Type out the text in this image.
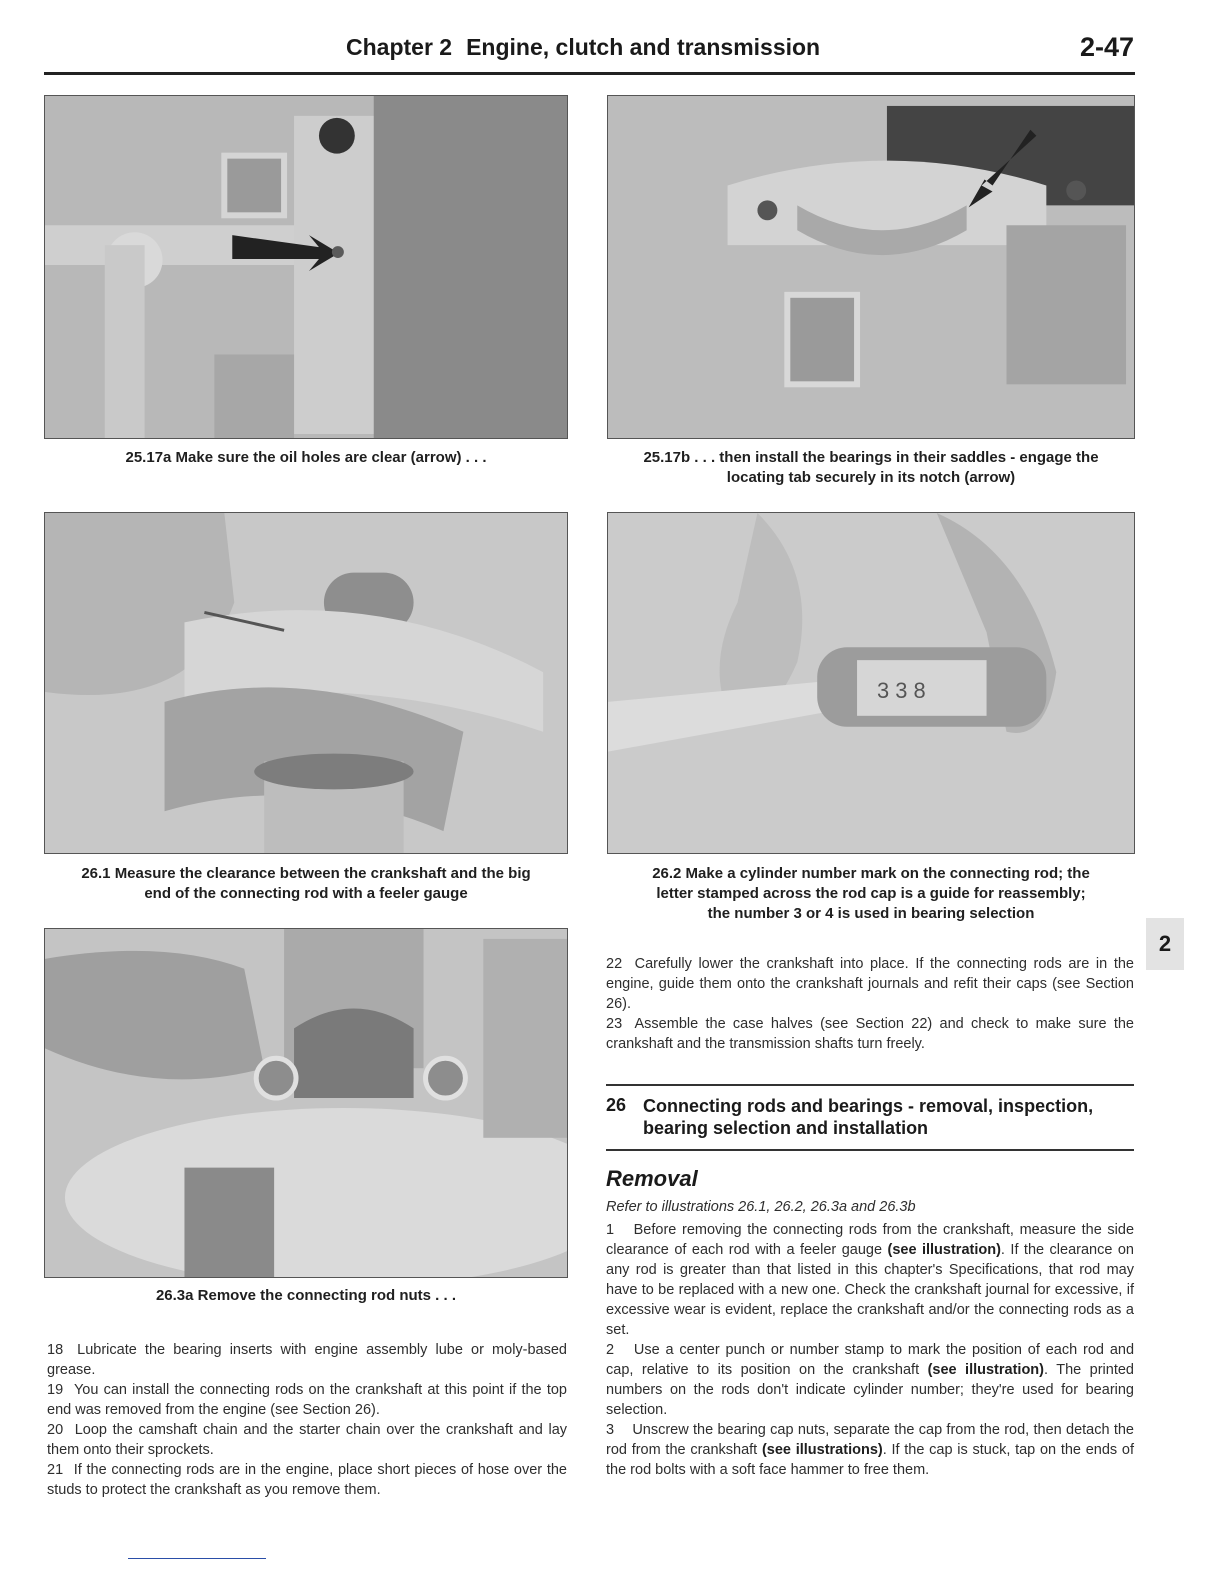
Chapter 2 Engine, clutch and transmission	2-47
25.17a Make sure the oil holes are clear (arrow) . . .	25.17b . . . then install the bearings in their saddles - engage the
locating tab securely in its notch (arrow)
26.1 Measure the clearance between the crankshaft and the big
end of the connecting rod with a feeler gauge
3 3 8
26.2 Make a cylinder number mark on the connecting rod; the
letter stamped across the rod cap is a guide for reassembly;
the number 3 or 4 is used in bearing selection
26.3a Remove the connecting rod nuts . . .

18 Lubricate the bearing inserts with engine assembly lube or moly-based grease.

19 You can install the connecting rods on the crankshaft at this point if the top end was removed from the engine (see Section 26).

20 Loop the camshaft chain and the starter chain over the crankshaft and lay them onto their sprockets.

21 If the connecting rods are in the engine, place short pieces of hose over the studs to protect the crankshaft as you remove them.

22 Carefully lower the crankshaft into place. If the connecting rods are in the engine, guide them onto the crankshaft journals and refit their caps (see Section 26).

23 Assemble the case halves (see Section 22) and check to make sure the crankshaft and the transmission shafts turn freely.

26 Connecting rods and bearings - removal, inspection, bearing selection and installation
Removal
Refer to illustrations 26.1, 26.2, 26.3a and 26.3b

1 Before removing the connecting rods from the crankshaft, measure the side clearance of each rod with a feeler gauge (see illustration). If the clearance on any rod is greater than that listed in this chapter's Specifications, that rod may have to be replaced with a new one. Check the crankshaft journal for excessive, if excessive wear is evident, replace the crankshaft and/or the connecting rods as a set.

2 Use a center punch or number stamp to mark the position of each rod and cap, relative to its position on the crankshaft (see illustration). The printed numbers on the rods don't indicate cylinder number; they're used for bearing selection.

3 Unscrew the bearing cap nuts, separate the cap from the rod, then detach the rod from the crankshaft (see illustrations). If the cap is stuck, tap on the ends of the rod bolts with a soft face hammer to free them.

2
